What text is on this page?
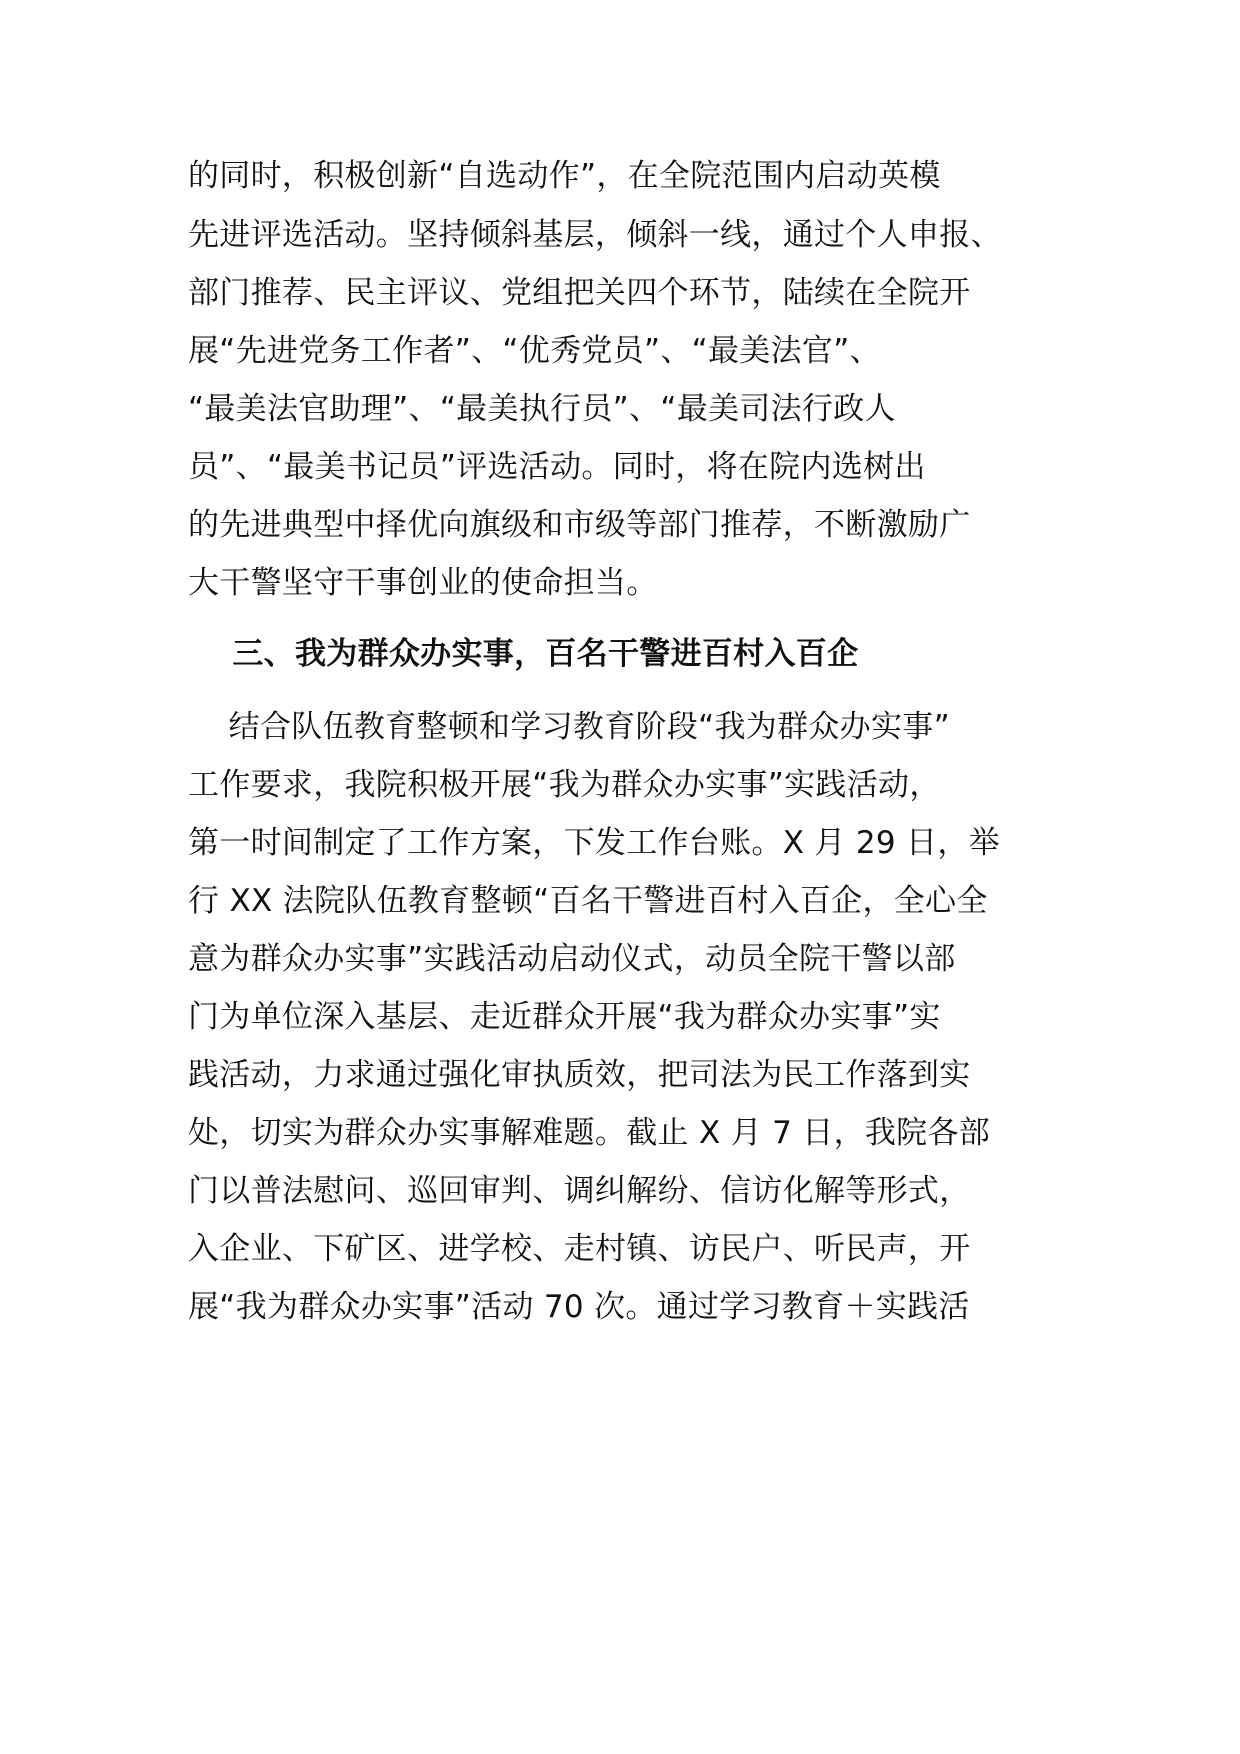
的同时，积极创新“自选动作”，在全院范围内启动英模

先进评选活动。坚持倾斜基层，倾斜一线，通过个人申报、

部门推荐、民主评议、党组把关四个环节，陆续在全院开

展“先进党务工作者”、“优秀党员”、“最美法官”、

“最美法官助理”、“最美执行员”、“最美司法行政人

员”、“最美书记员”评选活动。同时，将在院内选树出

的先进典型中择优向旗级和市级等部门推荐，不断激励广

大干警坚守干事创业的使命担当。

三、我为群众办实事，百名干警进百村入百企

结合队伍教育整顿和学习教育阶段“我为群众办实事”

工作要求，我院积极开展“我为群众办实事”实践活动，

第一时间制定了工作方案，下发工作台账。X 月 29 日，举

行 XX 法院队伍教育整顿“百名干警进百村入百企，全心全

意为群众办实事”实践活动启动仪式，动员全院干警以部

门为单位深入基层、走近群众开展“我为群众办实事”实

践活动，力求通过强化审执质效，把司法为民工作落到实

处，切实为群众办实事解难题。截止 X 月 7 日，我院各部

门以普法慰问、巡回审判、调纠解纷、信访化解等形式，

入企业、下矿区、进学校、走村镇、访民户、听民声，开

展“我为群众办实事”活动 70 次。通过学习教育＋实践活
